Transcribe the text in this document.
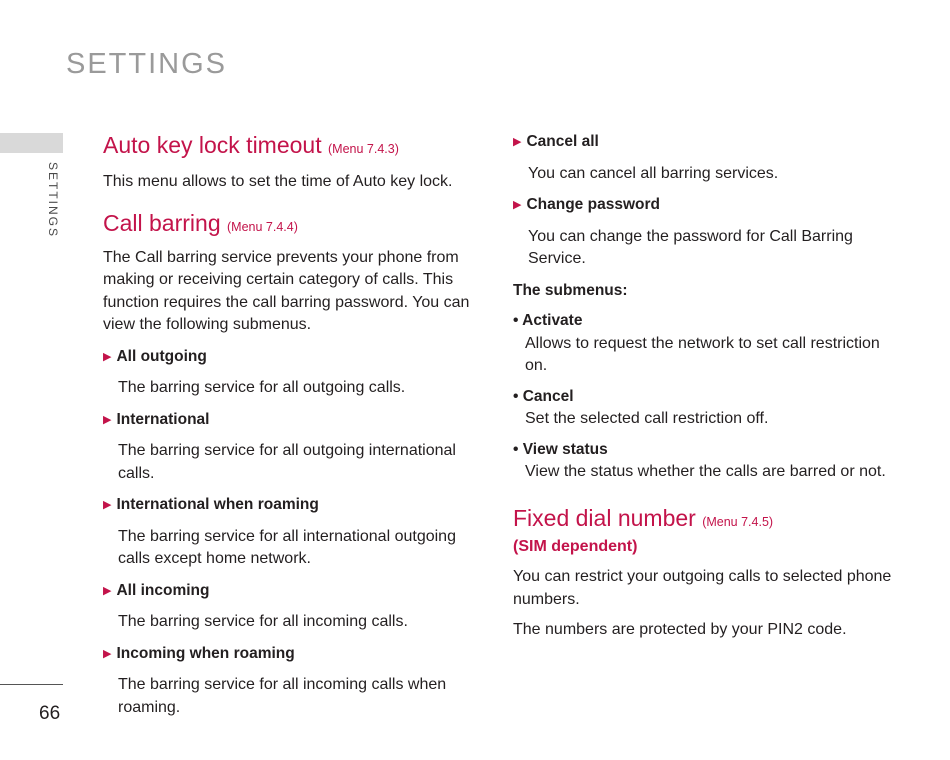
SETTINGS
SETTINGS
66
Auto key lock timeout (Menu 7.4.3)

This menu allows to set the time of Auto key lock.

Call barring (Menu 7.4.4)

The Call barring service prevents your phone from making or receiving certain category of calls. This function requires the call barring password. You can view the following submenus.

▶ All outgoing

The barring service for all outgoing calls.

▶ International

The barring service for all outgoing international calls.

▶ International when roaming

The barring service for all international outgoing calls except home network.

▶ All incoming

The barring service for all incoming calls.

▶ Incoming when roaming

The barring service for all incoming calls when roaming.

▶ Cancel all

You can cancel all barring services.

▶ Change password

You can change the password for Call Barring Service.

The submenus:

• Activate

Allows to request the network to set call restriction on.

• Cancel

Set the selected call restriction off.

• View status

View the status whether the calls are barred or not.

Fixed dial number (Menu 7.4.5)

(SIM dependent)

You can restrict your outgoing calls to selected phone numbers.

The numbers are protected by your PIN2 code.
